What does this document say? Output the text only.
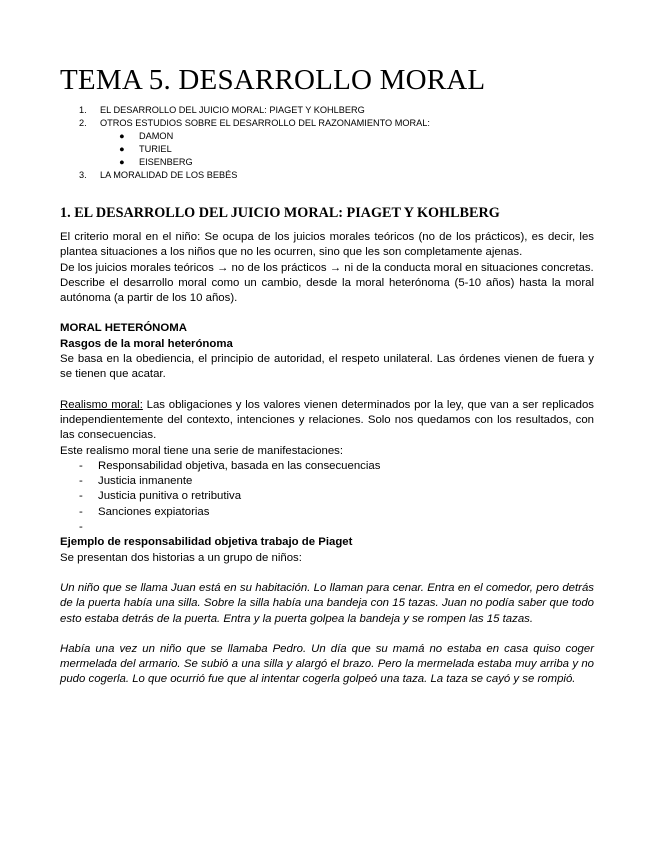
TEMA 5. DESARROLLO MORAL
1. EL DESARROLLO DEL JUICIO MORAL: PIAGET Y KOHLBERG
2. OTROS ESTUDIOS SOBRE EL DESARROLLO DEL RAZONAMIENTO MORAL:
● DAMON
● TURIEL
● EISENBERG
3. LA MORALIDAD DE LOS BEBÉS
1. EL DESARROLLO DEL JUICIO MORAL: PIAGET Y KOHLBERG

El criterio moral en el niño: Se ocupa de los juicios morales teóricos (no de los prácticos), es decir, les plantea situaciones a los niños que no les ocurren, sino que les son completamente ajenas.

De los juicios morales teóricos → no de los prácticos → ni de la conducta moral en situaciones concretas.

Describe el desarrollo moral como un cambio, desde la moral heterónoma (5-10 años) hasta la moral autónoma (a partir de los 10 años).

MORAL HETERÓNOMA

Rasgos de la moral heterónoma

Se basa en la obediencia, el principio de autoridad, el respeto unilateral. Las órdenes vienen de fuera y se tienen que acatar.

Realismo moral: Las obligaciones y los valores vienen determinados por la ley, que van a ser replicados independientemente del contexto, intenciones y relaciones. Solo nos quedamos con los resultados, con las consecuencias.

Este realismo moral tiene una serie de manifestaciones:

- Responsabilidad objetiva, basada en las consecuencias
- Justicia inmanente
- Justicia punitiva o retributiva
- Sanciones expiatorias
-

Ejemplo de responsabilidad objetiva trabajo de Piaget

Se presentan dos historias a un grupo de niños:

Un niño que se llama Juan está en su habitación. Lo llaman para cenar. Entra en el comedor, pero detrás de la puerta había una silla. Sobre la silla había una bandeja con 15 tazas. Juan no podía saber que todo esto estaba detrás de la puerta. Entra y la puerta golpea la bandeja y se rompen las 15 tazas.

Había una vez un niño que se llamaba Pedro. Un día que su mamá no estaba en casa quiso coger mermelada del armario. Se subió a una silla y alargó el brazo. Pero la mermelada estaba muy arriba y no pudo cogerla. Lo que ocurrió fue que al intentar cogerla golpeó una taza. La taza se cayó y se rompió.
